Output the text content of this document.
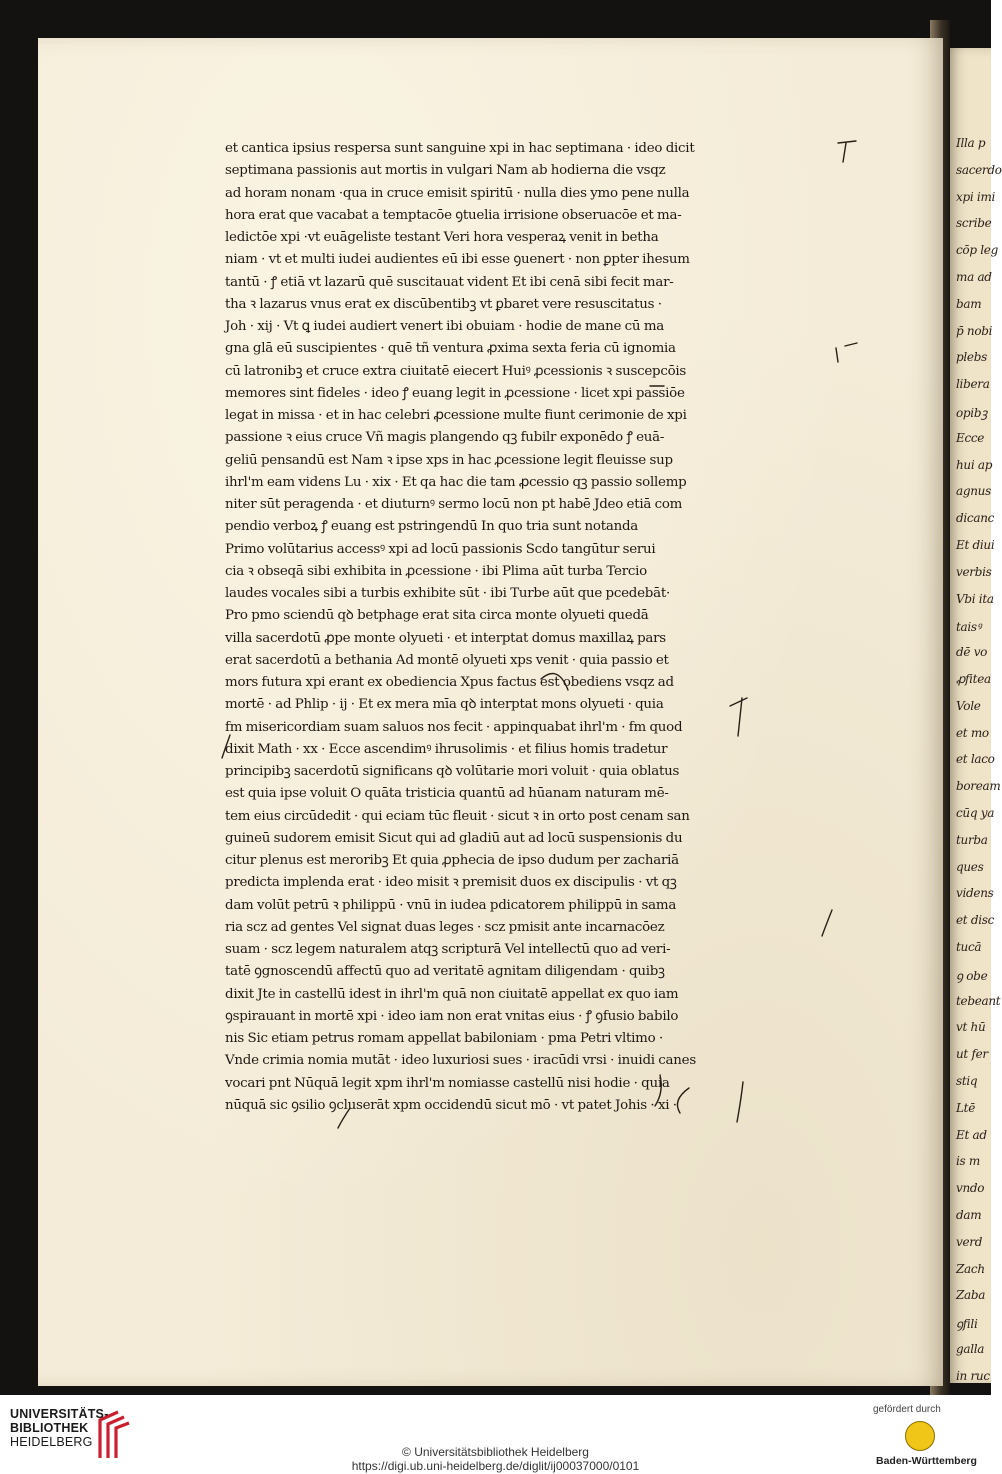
Illa p
sacerdo
xpi imi
scribe
cōp leg
ma ad
bam
p̄ nobi
plebs
libera
opibꝫ
Ecce
hui ap
agnus
dicanc
Et diui
verbis
Vbi ita
taisꝰ
dē vo
ꝓfitea
Vole
et mo
et laco
boream
cūq ya
turba
ques
videns
et disc
tucā
ꝯ obe
tebeant
vt hū
ut fer
stiq
Ltē
Et ad
is m
vndo
dam
verd
Zach
Zaba
ꝯfili
galla
in ruc
et cantica ipsius respersa sunt sanguine xpi in hac septimana · ideo dicit
septimana passionis aut mortis in vulgari Nam ab hodierna die vsqz
ad horam nonam ·qua in cruce emisit spiritū · nulla dies ymo pene nulla
hora erat que vacabat a temptacōe ꝯtuelia irrisione obseruacōe et ma-
ledictōe xpi ·vt euāgeliste testant Veri hora vesperaꝝ venit in betha
niam · vt et multi iudei audientes eū ibi esse ꝯuenert · non ꝑpter ihesum
tantū · ꝭ etiā vt lazarū quē suscitauat vident Et ibi cenā sibi fecit mar-
tha ꝛ lazarus vnus erat ex discūbentibꝫ vt ꝑbaret vere resuscitatus ·
Joh · xij · Vt ꝗ iudei audiert venert ibi obuiam · hodie de mane cū ma
gna glā eū suscipientes · quē tñ ventura ꝓxima sexta feria cū ignomia
cū latronibꝫ et cruce extra ciuitatē eiecert Huiꝰ ꝓcessionis ꝛ suscepcōis
memores sint fideles · ideo ꝭ euang legit in ꝓcessione · licet xpi passiōe
legat in missa · et in hac celebri ꝓcessione multe fiunt cerimonie de xpi
passione ꝛ eius cruce Vñ magis plangendo qꝫ fubilr exponēdo ꝭ euā-
geliū pensandū est Nam ꝛ ipse xps in hac ꝓcessione legit fleuisse sup
ihrl'm eam videns Lu · xix · Et qa hac die tam ꝓcessio qꝫ passio sollemp
niter sūt peragenda · et diuturnꝰ sermo locū non pt habē Jdeo etiā com
pendio verboꝝ ꝭ euang est pstringendū In quo tria sunt notanda
Primo volūtarius accessꝰ xpi ad locū passionis Scdo tangūtur serui
cia ꝛ obseqā sibi exhibita in ꝓcessione · ibi Plima aūt turba Tercio
laudes vocales sibi a turbis exhibite sūt · ibi Turbe aūt que pcedebāt·
Pro pmo sciendū qꝺ betphage erat sita circa monte olyueti quedā
villa sacerdotū ꝓpe monte olyueti · et interptat domus maxillaꝝ pars
erat sacerdotū a bethania Ad montē olyueti xps venit · quia passio et
mors futura xpi erant ex obediencia Xpus factus est obediens vsqz ad
mortē · ad Phlip · ij · Et ex mera mīa qꝺ interptat mons olyueti · quia
fm misericordiam suam saluos nos fecit · appinquabat ihrl'm · fm quod
dixit Math · xx · Ecce ascendimꝰ ihrusolimis · et filius homis tradetur
principibꝫ sacerdotū significans qꝺ volūtarie mori voluit · quia oblatus
est quia ipse voluit O quāta tristicia quantū ad hūanam naturam mē-
tem eius circūdedit · qui eciam tūc fleuit · sicut ꝛ in orto post cenam san
guineū sudorem emisit Sicut qui ad gladiū aut ad locū suspensionis du
citur plenus est meroribꝫ Et quia ꝓphecia de ipso dudum per zachariā
predicta implenda erat · ideo misit ꝛ premisit duos ex discipulis · vt qꝫ
dam volūt petrū ꝛ philippū · vnū in iudea pdicatorem philippū in sama
ria scz ad gentes Vel signat duas leges · scz pmisit ante incarnacōez
suam · scz legem naturalem atqꝫ scripturā Vel intellectū quo ad veri-
tatē ꝯgnoscendū affectū quo ad veritatē agnitam diligendam · quibꝫ
dixit Jte in castellū idest in ihrl'm quā non ciuitatē appellat ex quo iam
ꝯspirauant in mortē xpi · ideo iam non erat vnitas eius · ꝭ ꝯfusio babilo
nis Sic etiam petrus romam appellat babiloniam · pma Petri vltimo ·
Vnde crimia nomia mutāt · ideo luxuriosi sues · iracūdi vrsi · inuidi canes
vocari pnt Nūquā legit xpm ihrl'm nomiasse castellū nisi hodie · quia
nūquā sic ꝯsilio ꝯcluserāt xpm occidendū sicut mō · vt patet Johis · xi ·
UNIVERSITÄTS-
BIBLIOTHEK
HEIDELBERG
gefördert durch
Baden-Württemberg
© Universitätsbibliothek Heidelberg
https://digi.ub.uni-heidelberg.de/diglit/ij00037000/0101
